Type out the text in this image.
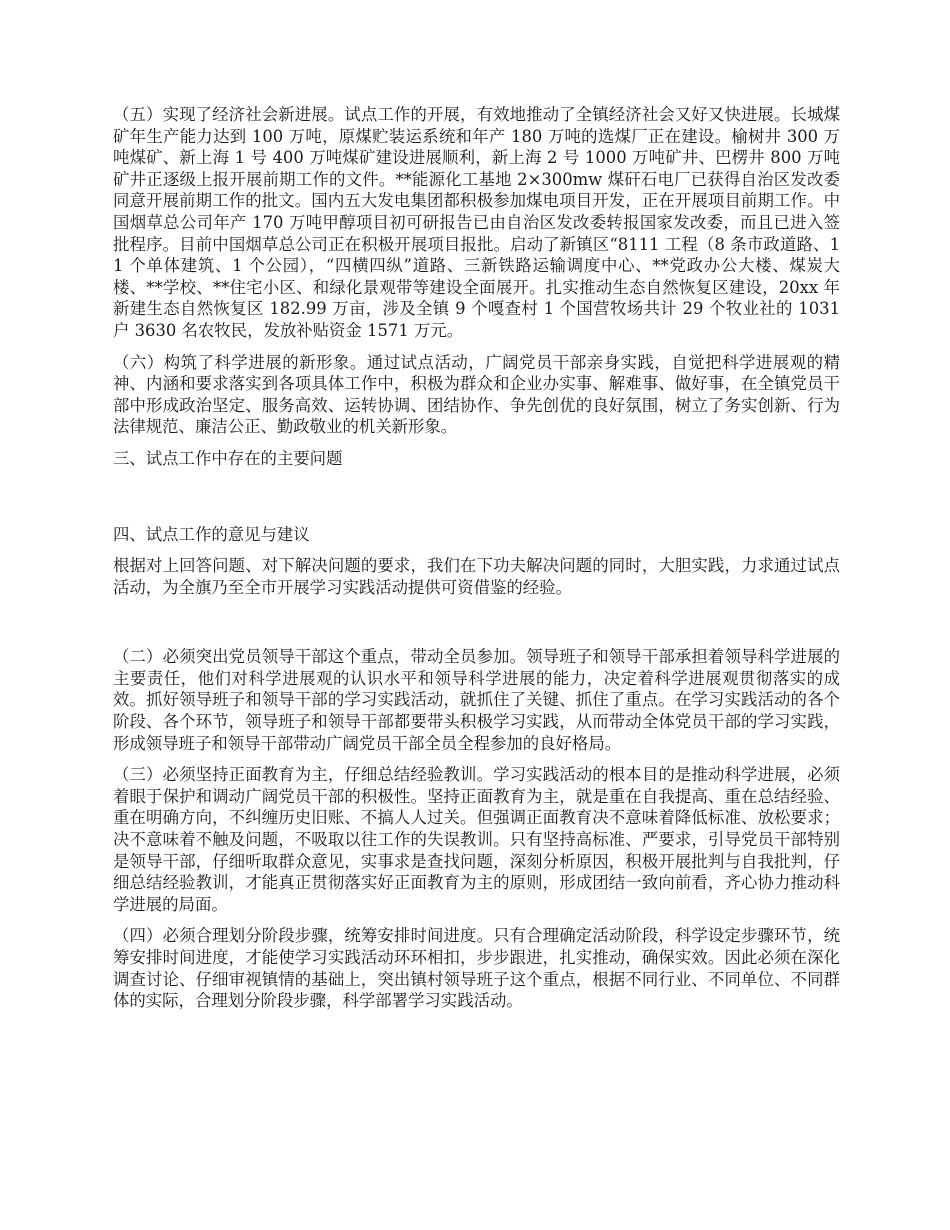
（五）实现了经济社会新进展。试点工作的开展，有效地推动了全镇经济社会又好又快进展。长城煤矿年生产能力达到 100 万吨，原煤贮装运系统和年产 180 万吨的选煤厂正在建设。榆树井 300 万吨煤矿、新上海 1 号 400 万吨煤矿建设进展顺利，新上海 2 号 1000 万吨矿井、巴楞井 800 万吨矿井正逐级上报开展前期工作的文件。**能源化工基地 2×300mw 煤矸石电厂已获得自治区发改委同意开展前期工作的批文。国内五大发电集团都积极参加煤电项目开发，正在开展项目前期工作。中国烟草总公司年产 170 万吨甲醇项目初可研报告已由自治区发改委转报国家发改委，而且已进入签批程序。目前中国烟草总公司正在积极开展项目报批。启动了新镇区“8111 工程（8 条市政道路、11 个单体建筑、1 个公园），“四横四纵”道路、三新铁路运输调度中心、**党政办公大楼、煤炭大楼、**学校、**住宅小区、和绿化景观带等建设全面展开。扎实推动生态自然恢复区建设，20xx 年新建生态自然恢复区 182.99 万亩，涉及全镇 9 个嘎查村 1 个国营牧场共计 29 个牧业社的 1031 户 3630 名农牧民，发放补贴资金 1571 万元。

（六）构筑了科学进展的新形象。通过试点活动，广阔党员干部亲身实践，自觉把科学进展观的精神、内涵和要求落实到各项具体工作中，积极为群众和企业办实事、解难事、做好事，在全镇党员干部中形成政治坚定、服务高效、运转协调、团结协作、争先创优的良好氛围，树立了务实创新、行为法律规范、廉洁公正、勤政敬业的机关新形象。

三、试点工作中存在的主要问题

四、试点工作的意见与建议

根据对上回答问题、对下解决问题的要求，我们在下功夫解决问题的同时，大胆实践，力求通过试点活动，为全旗乃至全市开展学习实践活动提供可资借鉴的经验。

（二）必须突出党员领导干部这个重点，带动全员参加。领导班子和领导干部承担着领导科学进展的主要责任，他们对科学进展观的认识水平和领导科学进展的能力，决定着科学进展观贯彻落实的成效。抓好领导班子和领导干部的学习实践活动，就抓住了关键、抓住了重点。在学习实践活动的各个阶段、各个环节，领导班子和领导干部都要带头积极学习实践，从而带动全体党员干部的学习实践，形成领导班子和领导干部带动广阔党员干部全员全程参加的良好格局。

（三）必须坚持正面教育为主，仔细总结经验教训。学习实践活动的根本目的是推动科学进展，必须着眼于保护和调动广阔党员干部的积极性。坚持正面教育为主，就是重在自我提高、重在总结经验、重在明确方向，不纠缠历史旧账、不搞人人过关。但强调正面教育决不意味着降低标准、放松要求；决不意味着不触及问题，不吸取以往工作的失误教训。只有坚持高标准、严要求，引导党员干部特别是领导干部，仔细听取群众意见，实事求是查找问题，深刻分析原因，积极开展批判与自我批判，仔细总结经验教训，才能真正贯彻落实好正面教育为主的原则，形成团结一致向前看，齐心协力推动科学进展的局面。

（四）必须合理划分阶段步骤，统筹安排时间进度。只有合理确定活动阶段，科学设定步骤环节，统筹安排时间进度，才能使学习实践活动环环相扣，步步跟进，扎实推动，确保实效。因此必须在深化调查讨论、仔细审视镇情的基础上，突出镇村领导班子这个重点，根据不同行业、不同单位、不同群体的实际，合理划分阶段步骤，科学部署学习实践活动。
